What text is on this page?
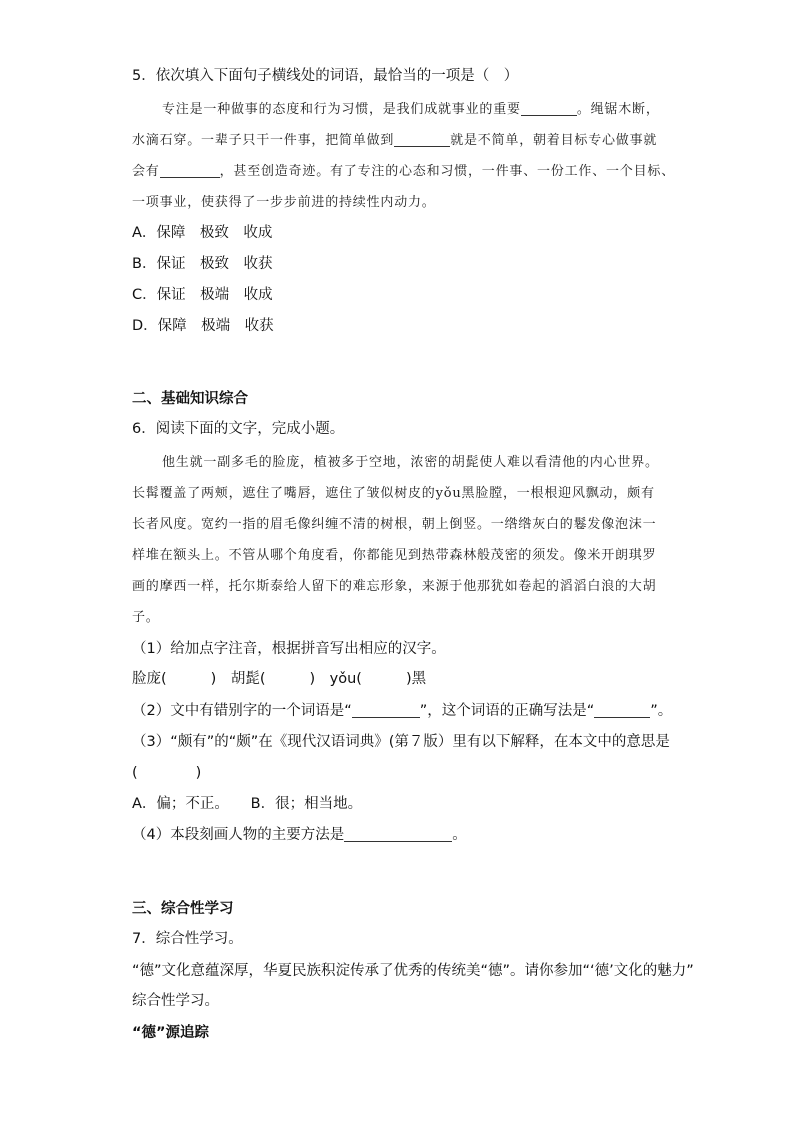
5．依次填入下面句子横线处的词语，最恰当的一项是（　）
专注是一种做事的态度和行为习惯，是我们成就事业的重要	。绳锯木断，
水滴石穿。一辈子只干一件事，把简单做到	就是不简单，朝着目标专心做事就
会有	，甚至创造奇迹。有了专注的心态和习惯，一件事、一份工作、一个目标、
一项事业，使获得了一步步前进的持续性内动力。
A．保障　极致　收成
B．保证　极致　收获
C．保证　极端　收成
D．保障　极端　收获
二、基础知识综合
6．阅读下面的文字，完成小题。
他生就一副多毛的脸庞，植被多于空地，浓密的胡髭使人难以看清他的内心世界。
长髯覆盖了两颊，遮住了嘴唇，遮住了皱似树皮的yǒu黑脸膛，一根根迎风飘动，颇有
长者风度。宽约一指的眉毛像纠缠不清的树根，朝上倒竖。一绺绺灰白的鬈发像泡沫一
样堆在额头上。不管从哪个角度看，你都能见到热带森林般茂密的须发。像米开朗琪罗
画的摩西一样，托尔斯泰给人留下的难忘形象，来源于他那犹如卷起的滔滔白浪的大胡
子。
（1）给加点字注音，根据拼音写出相应的汉字。
脸庞(	)　胡髭(	)　yǒu(	)黑
（2）文中有错别字的一个词语是“	”，这个词语的正确写法是“	”。
（3）“颇有”的“颇”在《现代汉语词典》(第７版）里有以下解释，在本文中的意思是
(	)
A．偏；不正。　　B．很；相当地。
（4）本段刻画人物的主要方法是	。
三、综合性学习
7．综合性学习。
“德”文化意蕴深厚，华夏民族积淀传承了优秀的传统美“德”。请你参加“‘德’文化的魅力”
综合性学习。
“德”源追踪
